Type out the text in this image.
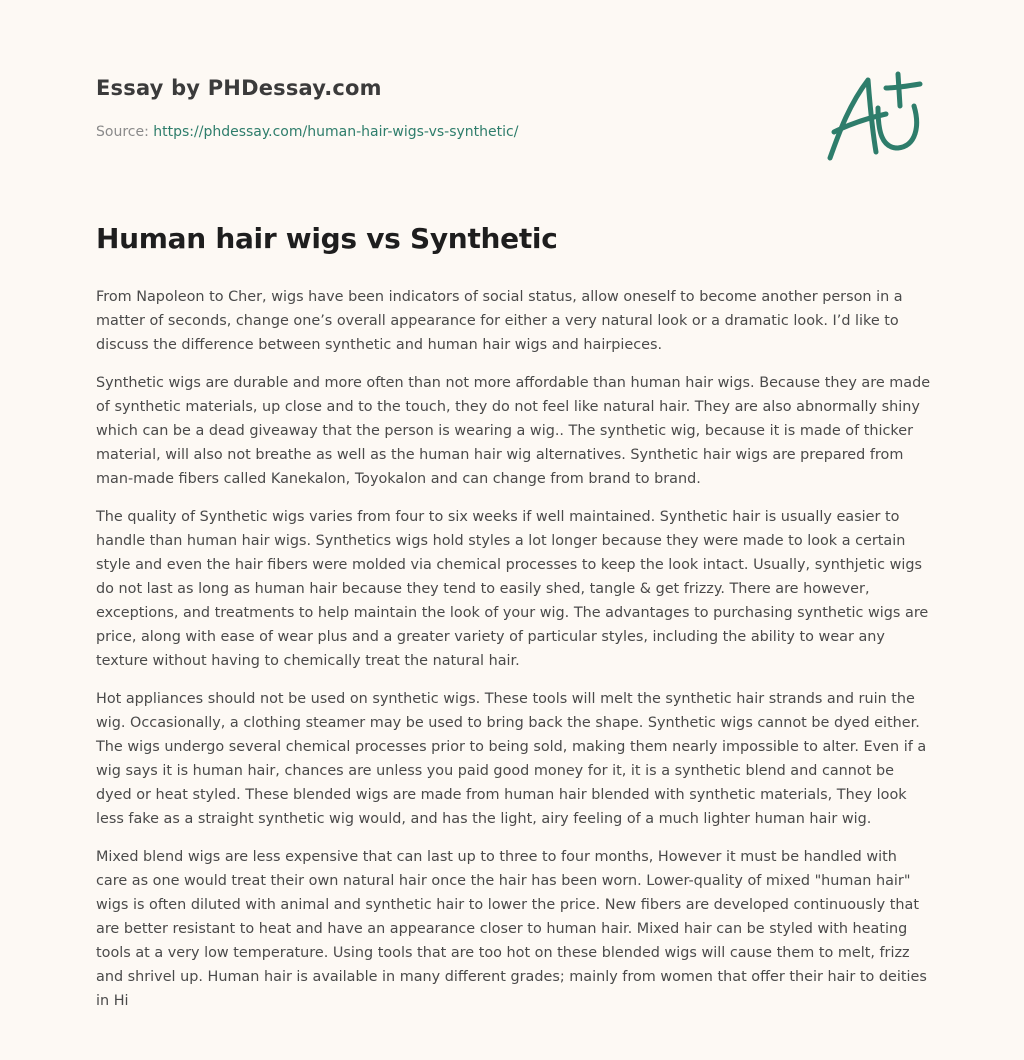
Essay by PHDessay.com
Source: https://phdessay.com/human-hair-wigs-vs-synthetic/
Human hair wigs vs Synthetic

From Napoleon to Cher, wigs have been indicators of social status, allow oneself to become another person in a matter of seconds, change one’s overall appearance for either a very natural look or a dramatic look. I’d like to discuss the difference between synthetic and human hair wigs and hairpieces.

Synthetic wigs are durable and more often than not more affordable than human hair wigs. Because they are made of synthetic materials, up close and to the touch, they do not feel like natural hair. They are also abnormally shiny which can be a dead giveaway that the person is wearing a wig.. The synthetic wig, because it is made of thicker material, will also not breathe as well as the human hair wig alternatives. Synthetic hair wigs are prepared from man-made fibers called Kanekalon, Toyokalon and can change from brand to brand.

The quality of Synthetic wigs varies from four to six weeks if well maintained. Synthetic hair is usually easier to handle than human hair wigs. Synthetics wigs hold styles a lot longer because they were made to look a certain style and even the hair fibers were molded via chemical processes to keep the look intact. Usually, synthjetic wigs do not last as long as human hair because they tend to easily shed, tangle & get frizzy. There are however, exceptions, and treatments to help maintain the look of your wig. The advantages to purchasing synthetic wigs are price, along with ease of wear plus and a greater variety of particular styles, including the ability to wear any texture without having to chemically treat the natural hair.

Hot appliances should not be used on synthetic wigs. These tools will melt the synthetic hair strands and ruin the wig. Occasionally, a clothing steamer may be used to bring back the shape. Synthetic wigs cannot be dyed either. The wigs undergo several chemical processes prior to being sold, making them nearly impossible to alter. Even if a wig says it is human hair, chances are unless you paid good money for it, it is a synthetic blend and cannot be dyed or heat styled. These blended wigs are made from human hair blended with synthetic materials, They look less fake as a straight synthetic wig would, and has the light, airy feeling of a much lighter human hair wig.

Mixed blend wigs are less expensive that can last up to three to four months, However it must be handled with care as one would treat their own natural hair once the hair has been worn. Lower-quality of mixed "human hair" wigs is often diluted with animal and synthetic hair to lower the price. New fibers are developed continuously that are better resistant to heat and have an appearance closer to human hair. Mixed hair can be styled with heating tools at a very low temperature. Using tools that are too hot on these blended wigs will cause them to melt, frizz and shrivel up. Human hair is available in many different grades; mainly from women that offer their hair to deities in Hi
